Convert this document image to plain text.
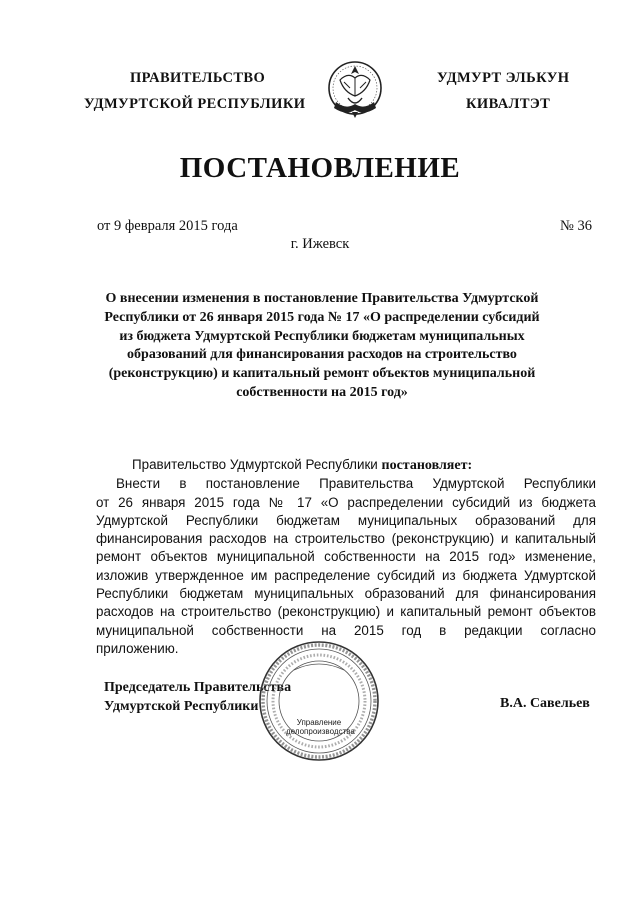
ПРАВИТЕЛЬСТВО
УДМУРТСКОЙ РЕСПУБЛИКИ
УДМУРТ ЭЛЬКУН
КИВАЛТЭТ
ПОСТАНОВЛЕНИЕ
от 9 февраля 2015 года	№ 36
г. Ижевск
О внесении изменения в постановление Правительства Удмуртской
Республики от 26 января 2015 года № 17 «О распределении субсидий
из бюджета Удмуртской Республики бюджетам муниципальных
образований для финансирования расходов на строительство
(реконструкцию) и капитальный ремонт объектов муниципальной
собственности на 2015 год»
Правительство Удмуртской Республики постановляет:
Внести в постановление Правительства Удмуртской Республики
от 26 января 2015 года № 17 «О распределении субсидий из бюджета
Удмуртской Республики бюджетам муниципальных образований для
финансирования расходов на строительство (реконструкцию) и капитальный
ремонт объектов муниципальной собственности на 2015 год» изменение,
изложив утвержденное им распределение субсидий из бюджета Удмуртской
Республики бюджетам муниципальных образований для финансирования
расходов на строительство (реконструкцию) и капитальный ремонт объектов
муниципальной собственности на 2015 год в редакции согласно
приложению.
Председатель Правительства
Удмуртской Республики	В.А. Савельев
Управление
делопроизводства
